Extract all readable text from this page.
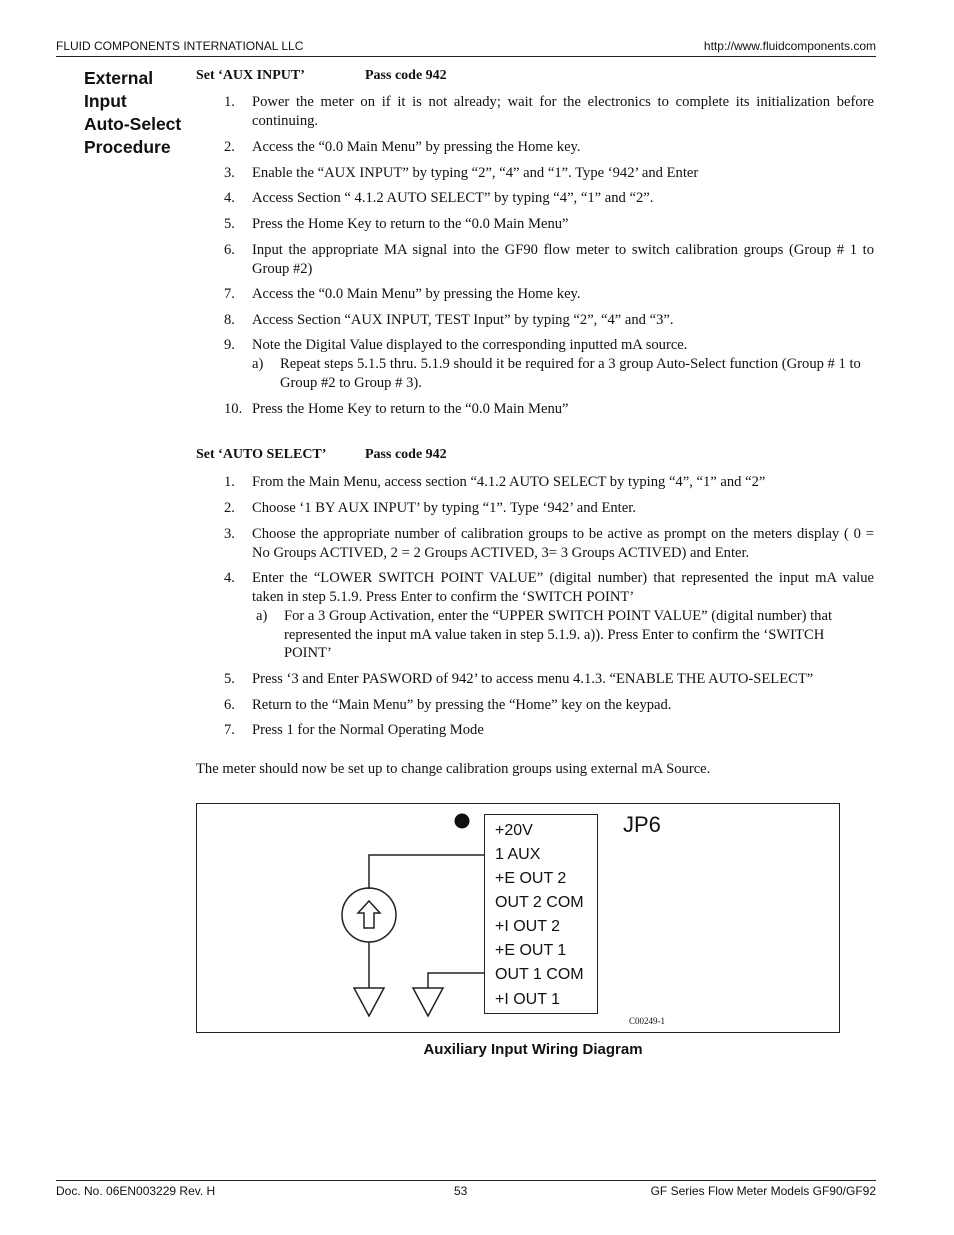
FLUID COMPONENTS INTERNATIONAL LLC	http://www.fluidcomponents.com
External
Input
Auto-Select
Procedure
Set ‘AUX INPUT’	Pass code 942
1. Power the meter on if it is not already; wait for the electronics to complete its initialization before continuing.
2. Access the “0.0 Main Menu” by pressing the Home key.
3. Enable the “AUX INPUT” by typing “2”, “4” and “1”. Type ‘942’ and Enter
4. Access Section “ 4.1.2 AUTO SELECT” by typing “4”, “1” and “2”.
5. Press the Home Key to return to the “0.0 Main Menu”
6. Input the appropriate MA signal into the GF90 flow meter to switch calibration groups (Group # 1 to Group #2)
7. Access the “0.0 Main Menu” by pressing the Home key.
8. Access Section “AUX INPUT, TEST Input” by typing “2”, “4” and “3”.
9. Note the Digital Value displayed to the corresponding inputted mA source.
a) Repeat steps 5.1.5 thru. 5.1.9 should it be required for a 3 group Auto-Select function (Group # 1 to Group #2 to Group # 3).
10. Press the Home Key to return to the “0.0 Main Menu”
Set ‘AUTO SELECT’	Pass code 942
1. From the Main Menu, access section “4.1.2 AUTO SELECT by typing “4”, “1” and “2”
2. Choose ‘1 BY AUX INPUT’ by typing “1”. Type ‘942’ and Enter.
3. Choose the appropriate number of calibration groups to be active as prompt on the meters display ( 0 = No Groups ACTIVED, 2 = 2 Groups ACTIVED, 3= 3 Groups ACTIVED) and Enter.
4. Enter the “LOWER SWITCH POINT VALUE” (digital number) that represented the input mA value taken in step 5.1.9. Press Enter to confirm the ‘SWITCH POINT’
a) For a 3 Group Activation, enter the “UPPER SWITCH POINT VALUE” (digital number) that represented the input mA value taken in step 5.1.9. a)). Press Enter to confirm the ‘SWITCH POINT’
5. Press ‘3 and Enter PASWORD of 942’ to access menu 4.1.3. “ENABLE THE AUTO-SELECT”
6. Return to the “Main Menu” by pressing the “Home” key on the keypad.
7. Press 1 for the Normal Operating Mode
The meter should now be set up to change calibration groups using external mA Source.
+20V
1 AUX
+E OUT 2
OUT 2 COM
+I OUT 2
+E OUT 1
OUT 1 COM
+I OUT 1
JP6
C00249-1
Auxiliary Input Wiring Diagram
Doc. No. 06EN003229 Rev. H	53	GF Series Flow Meter Models GF90/GF92
